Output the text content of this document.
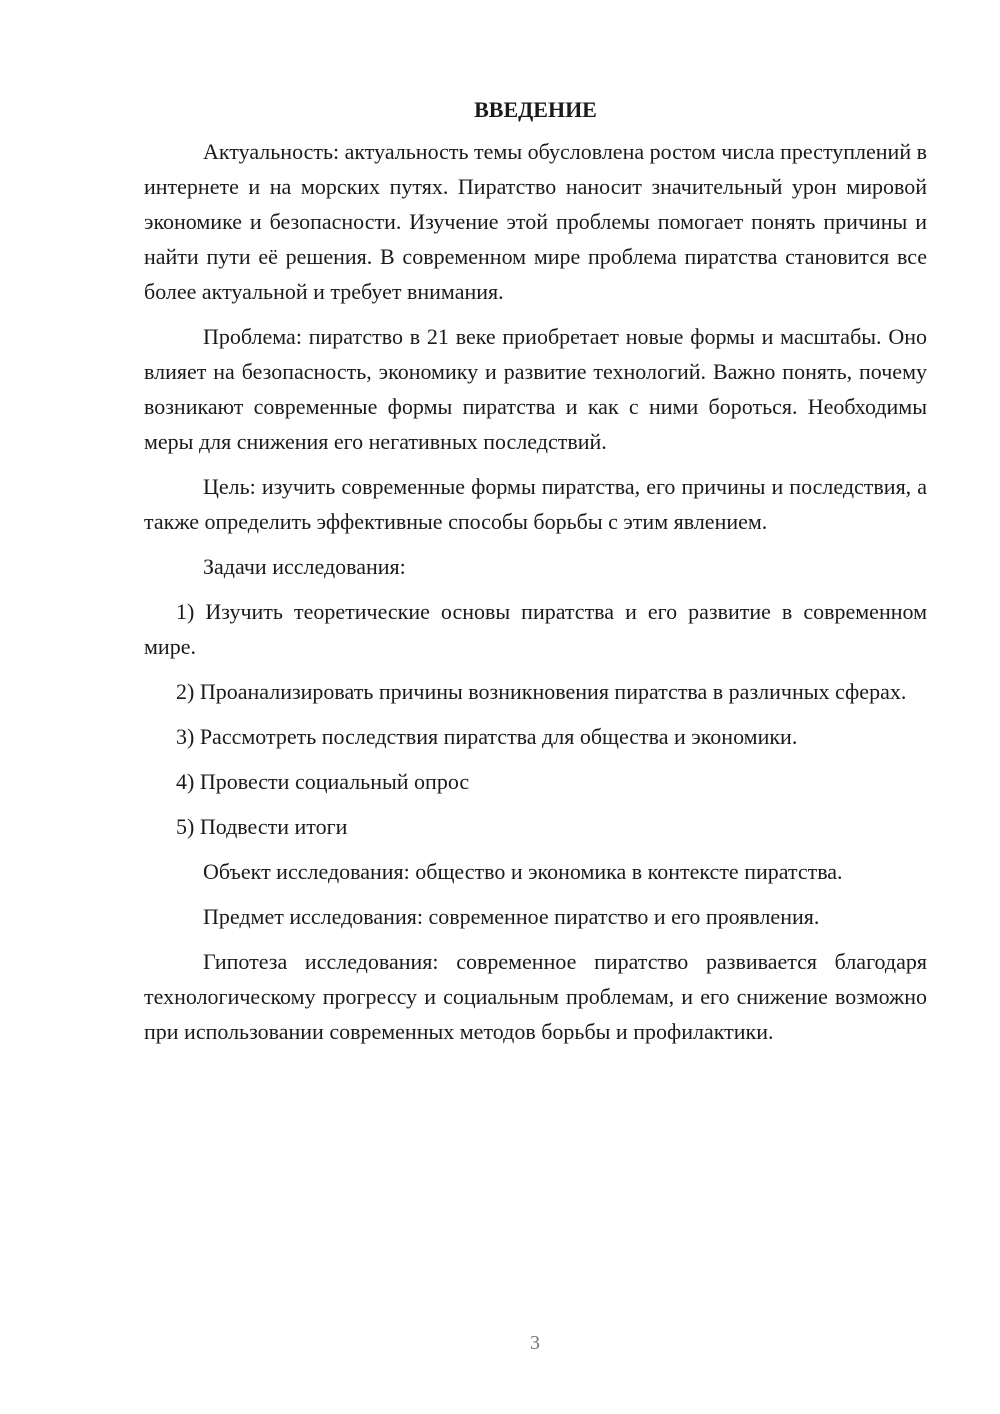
ВВЕДЕНИЕ

Актуальность: актуальность темы обусловлена ростом числа преступлений в интернете и на морских путях. Пиратство наносит значительный урон мировой экономике и безопасности. Изучение этой проблемы помогает понять причины и найти пути её решения. В современном мире проблема пиратства становится все более актуальной и требует внимания.

Проблема: пиратство в 21 веке приобретает новые формы и масштабы. Оно влияет на безопасность, экономику и развитие технологий. Важно понять, почему возникают современные формы пиратства и как с ними бороться. Необходимы меры для снижения его негативных последствий.

Цель: изучить современные формы пиратства, его причины и последствия, а также определить эффективные способы борьбы с этим явлением.

Задачи исследования:

1) Изучить теоретические основы пиратства и его развитие в современном мире.

2) Проанализировать причины возникновения пиратства в различных сферах.

3) Рассмотреть последствия пиратства для общества и экономики.

4) Провести социальный опрос

5) Подвести итоги

Объект исследования: общество и экономика в контексте пиратства.

Предмет исследования: современное пиратство и его проявления.

Гипотеза исследования: современное пиратство развивается благодаря технологическому прогрессу и социальным проблемам, и его снижение возможно при использовании современных методов борьбы и профилактики.

3
